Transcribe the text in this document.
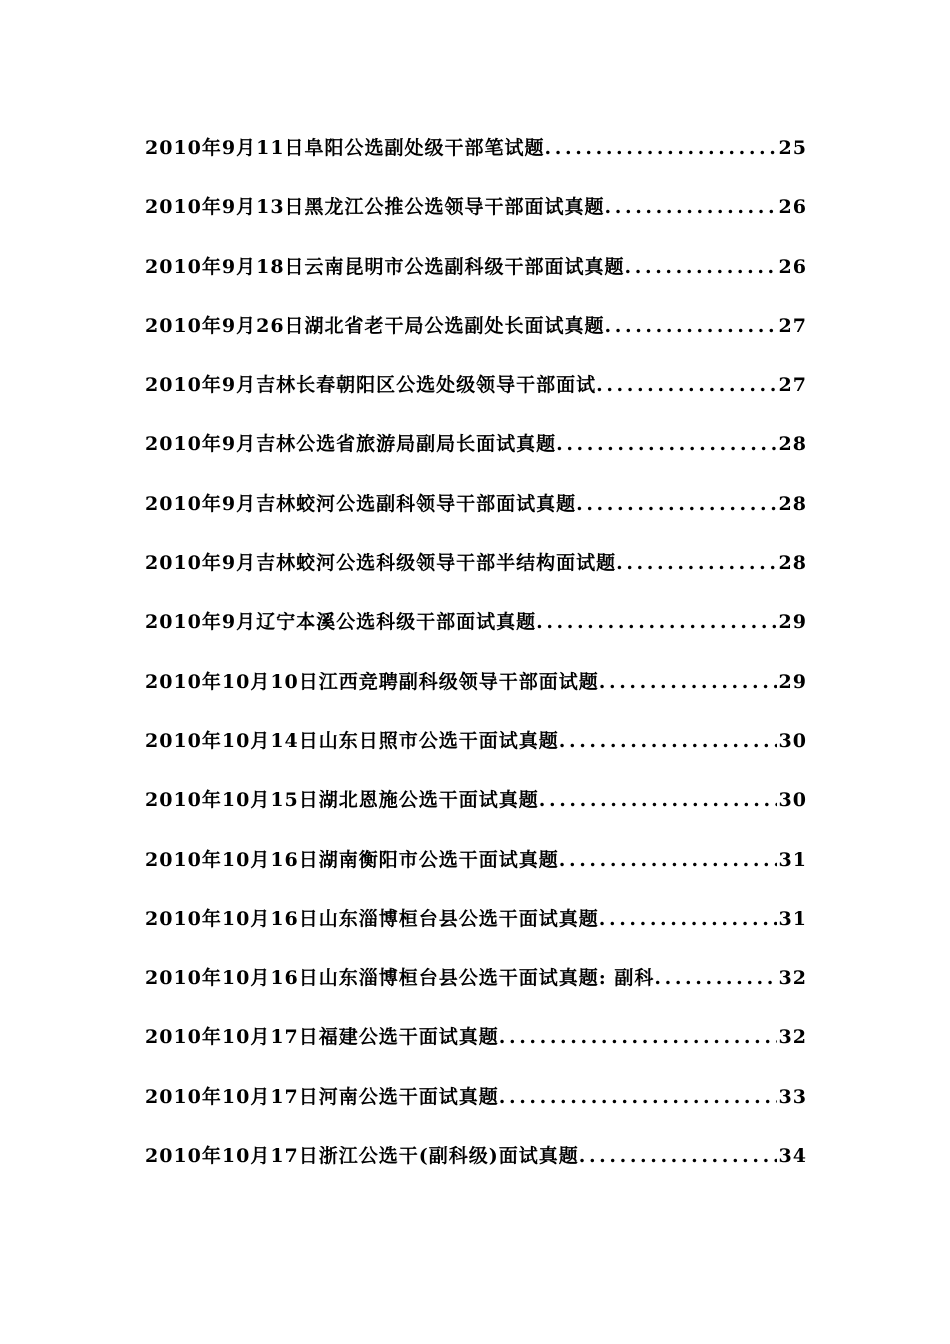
2010年9月11日阜阳公选副处级干部笔试题 .....	25
2010年9月13日黑龙江公推公选领导干部面试真题 .....	26
2010年9月18日云南昆明市公选副科级干部面试真题 .....	26
2010年9月26日湖北省老干局公选副处长面试真题 .....	27
2010年9月吉林长春朝阳区公选处级领导干部面试 .....	27
2010年9月吉林公选省旅游局副局长面试真题 .....	28
2010年9月吉林蛟河公选副科领导干部面试真题 .....	28
2010年9月吉林蛟河公选科级领导干部半结构面试题 .....	28
2010年9月辽宁本溪公选科级干部面试真题 .....	29
2010年10月10日江西竞聘副科级领导干部面试题 .....	29
2010年10月14日山东日照市公选干面试真题 .....	30
2010年10月15日湖北恩施公选干面试真题 .....	30
2010年10月16日湖南衡阳市公选干面试真题 .....	31
2010年10月16日山东淄博桓台县公选干面试真题 .....	31
2010年10月16日山东淄博桓台县公选干面试真题: 副科 .....	32
2010年10月17日福建公选干面试真题 .....	32
2010年10月17日河南公选干面试真题 .....	33
2010年10月17日浙江公选干(副科级)面试真题 .....	34
